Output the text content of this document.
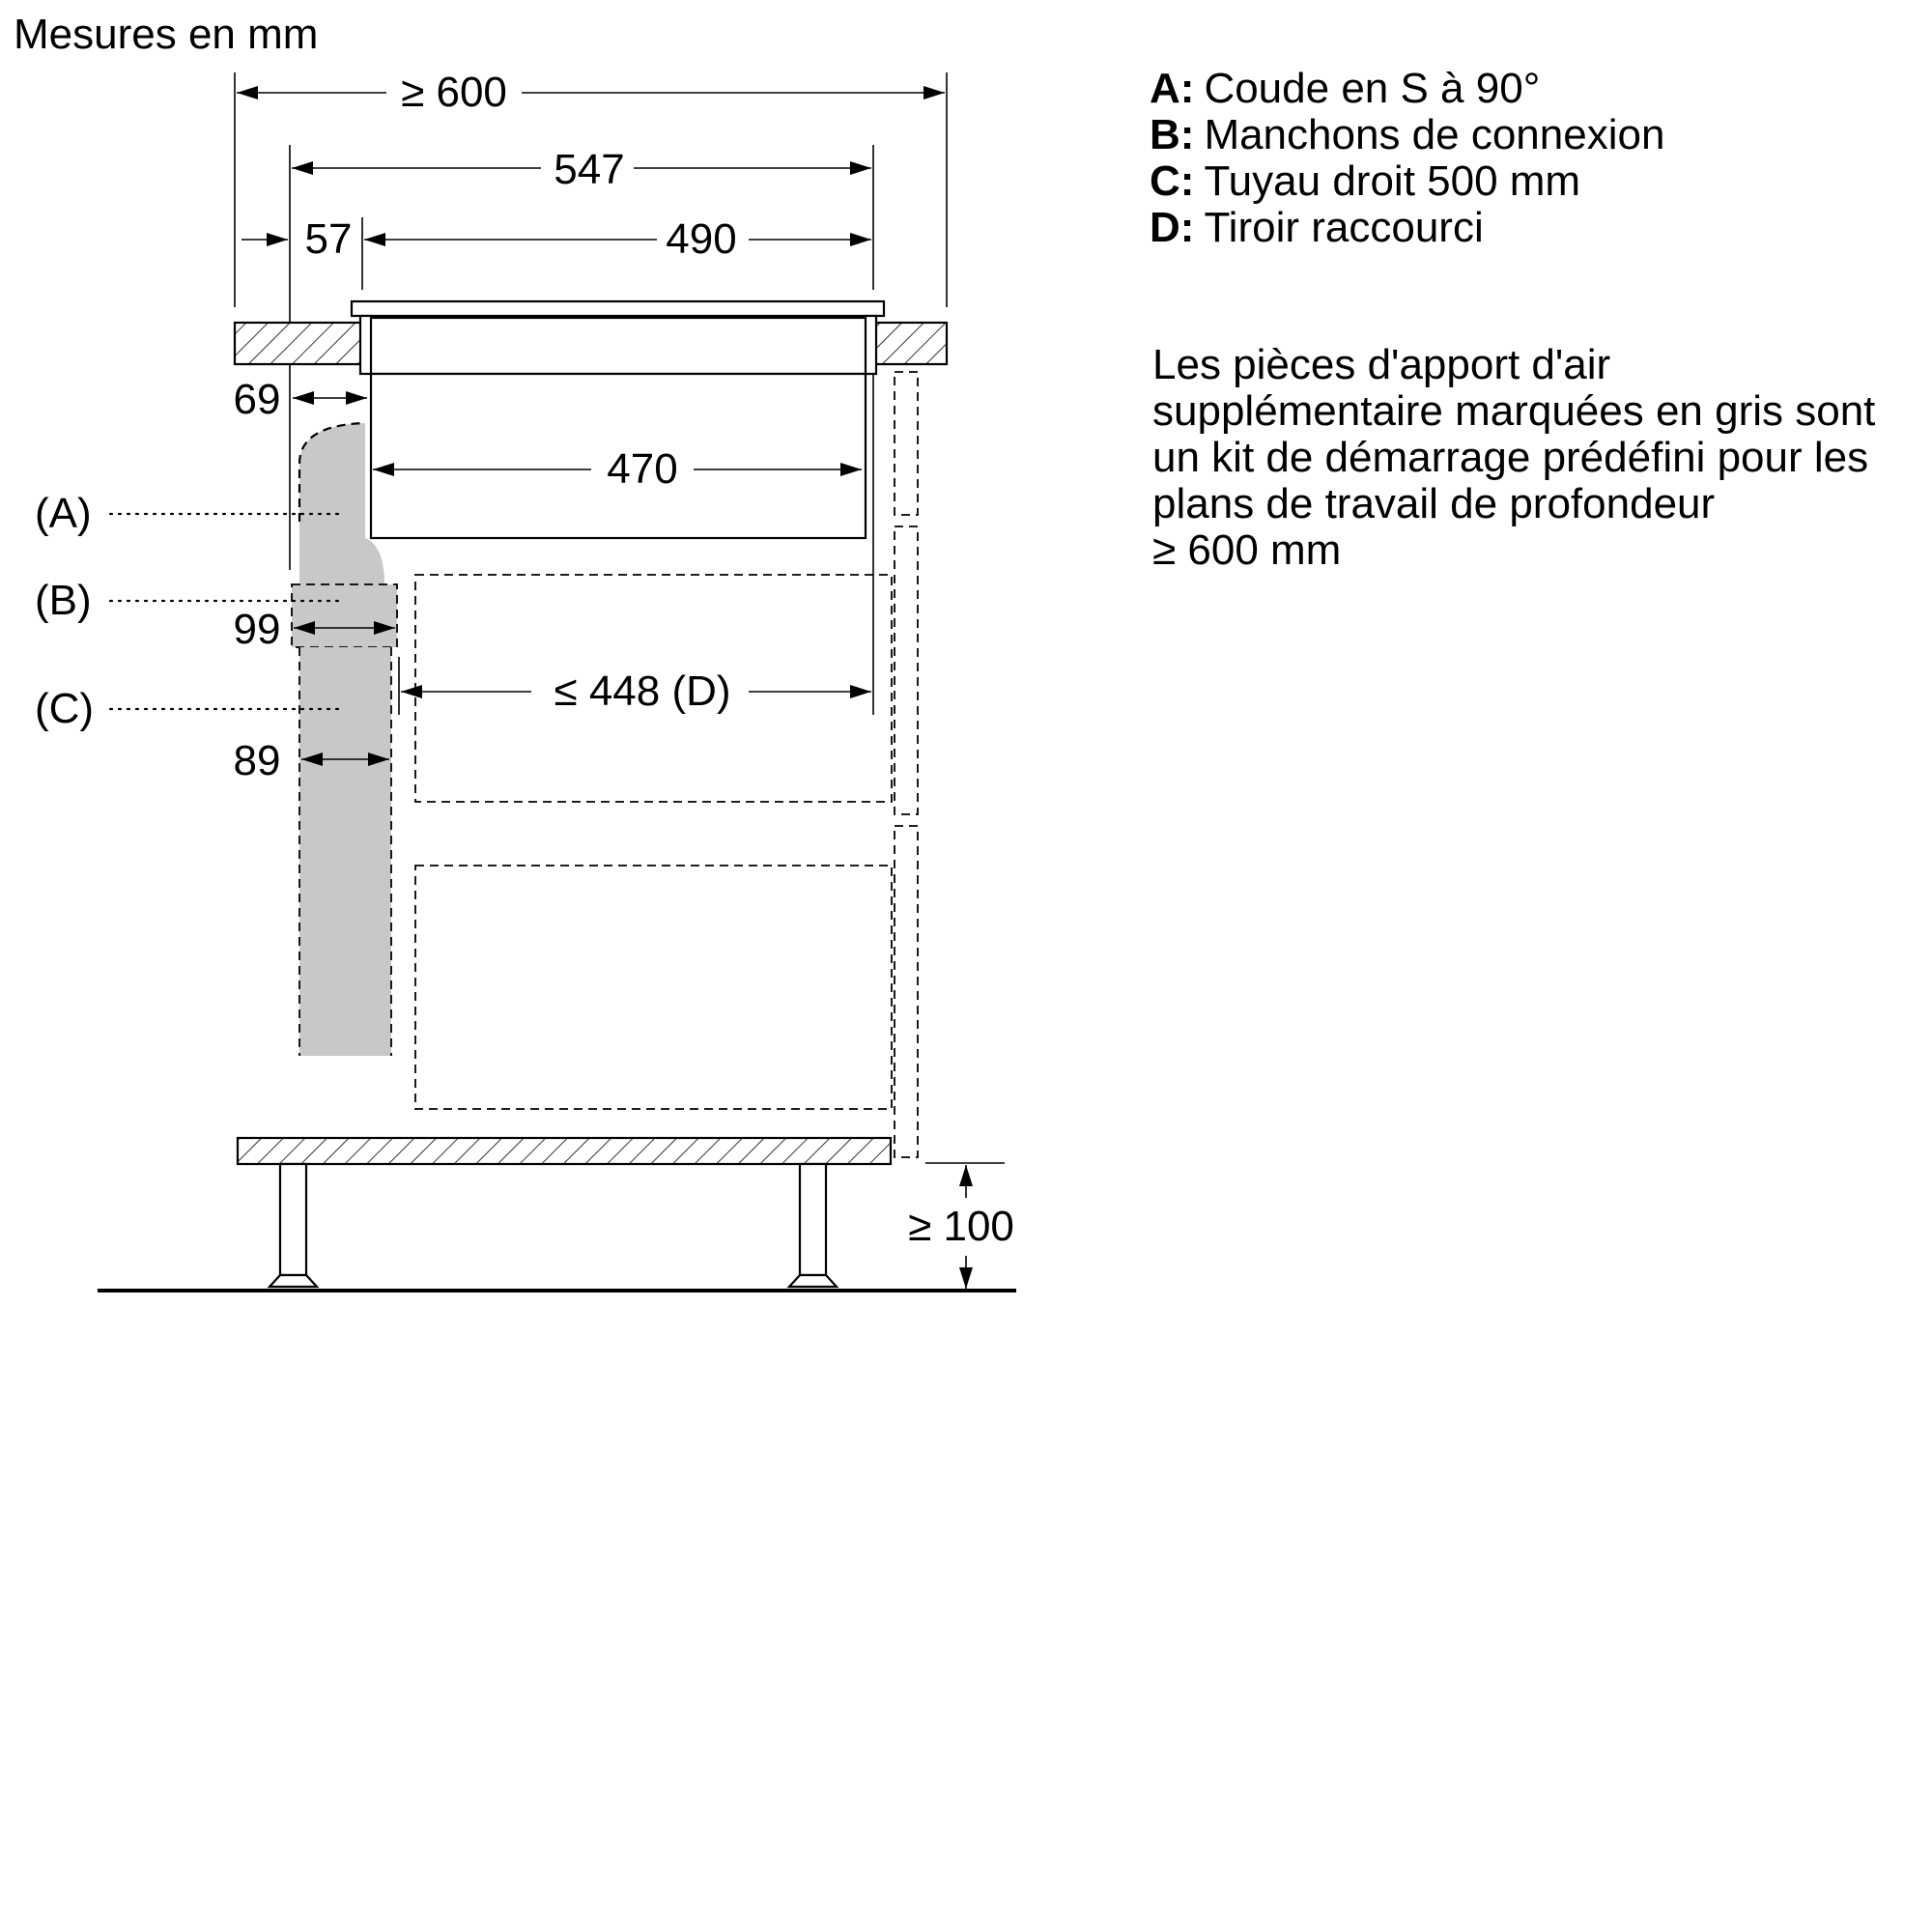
Mesures en mm
≥ 600
547
57	490
69
470
99
≤ 448 (D)
89
≥ 100
(A)
(B)
(C)
A: Coude en S à 90°
B: Manchons de connexion
C: Tuyau droit 500 mm
D: Tiroir raccourci
Les pièces d'apport d'air
supplémentaire marquées en gris sont
un kit de démarrage prédéfini pour les
plans de travail de profondeur
≥ 600 mm
